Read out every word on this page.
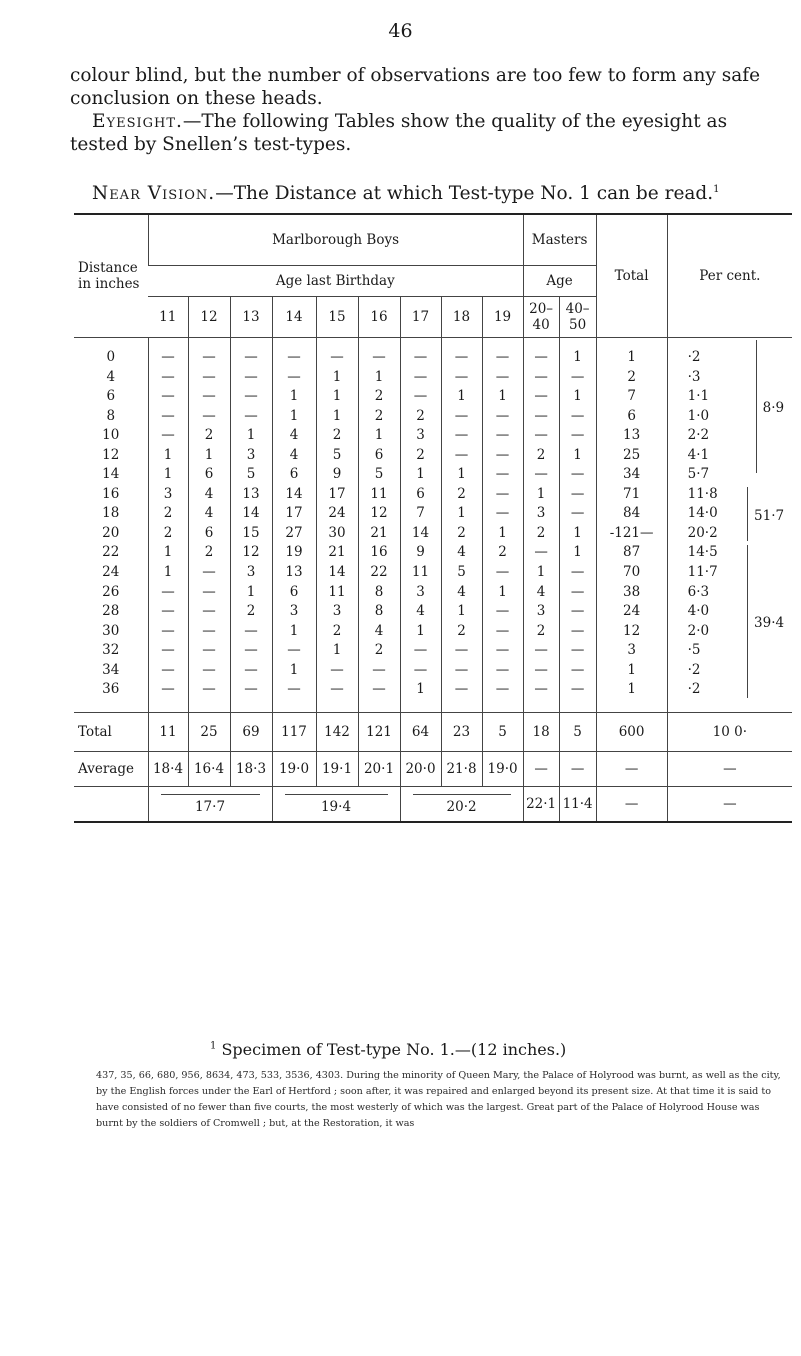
46

colour blind, but the number of observations are too few to form any safe conclusion on these heads.

Eyesight.—The following Tables show the quality of the eyesight as tested by Snellen’s test-types.

Near Vision.—The Distance at which Test-type No. 1 can be read.$^1$

Distance in inches	Marlborough Boys									Masters		Total	Per cent.
	Age last Birthday									Age			
	11	12	13	14	15	16	17	18	19	20–40	40–50		
0	—	—	—	—	—	—	—	—	—	—	1	1	·2
8·9

4	—	—	—	—	1	1	—	—	—	—	—	2	·3
6	—	—	—	1	1	2	—	1	1	—	1	7	1·1
8	—	—	—	1	1	2	2	—	—	—	—	6	1·0
10	—	2	1	4	2	1	3	—	—	—	—	13	2·2
12	1	1	3	4	5	6	2	—	—	2	1	25	4·1
14	1	6	5	6	9	5	1	1	—	—	—	34	5·7
16	3	4	13	14	17	11	6	2	—	1	—	71	11·8
51·7

18	2	4	14	17	24	12	7	1	—	3	—	84	14·0
20	2	6	15	27	30	21	14	2	1	2	1	-121—	20·2
22	1	2	12	19	21	16	9	4	2	—	1	87	14·5
39·4

24	1	—	3	13	14	22	11	5	—	1	—	70	11·7
26	—	—	1	6	11	8	3	4	1	4	—	38	6·3
28	—	—	2	3	3	8	4	1	—	3	—	24	4·0
30	—	—	—	1	2	4	1	2	—	2	—	12	2·0
32	—	—	—	—	1	2	—	—	—	—	—	3	·5
34	—	—	—	1	—	—	—	—	—	—	—	1	·2
36	—	—	—	—	—	—	1	—	—	—	—	1	·2
Total	11	25	69	117	142	121	64	23	5	18	5	600	10 0·
Average	18·4	16·4	18·3	19·0	19·1	20·1	20·0	21·8	19·0	—	—	—	—

17·7			19·4			20·2			22·1	11·4	—	—

$^1$ Specimen of Test-type No. 1.—(12 inches.)

437, 35, 66, 680, 956, 8634, 473, 533, 3536, 4303. During the minority of Queen Mary, the Palace of Holyrood was burnt, as well as the city, by the English forces under the Earl of Hertford ; soon after, it was repaired and enlarged beyond its present size. At that time it is said to have consisted of no fewer than five courts, the most westerly of which was the largest. Great part of the Palace of Holyrood House was burnt by the soldiers of Cromwell ; but, at the Restoration, it was
